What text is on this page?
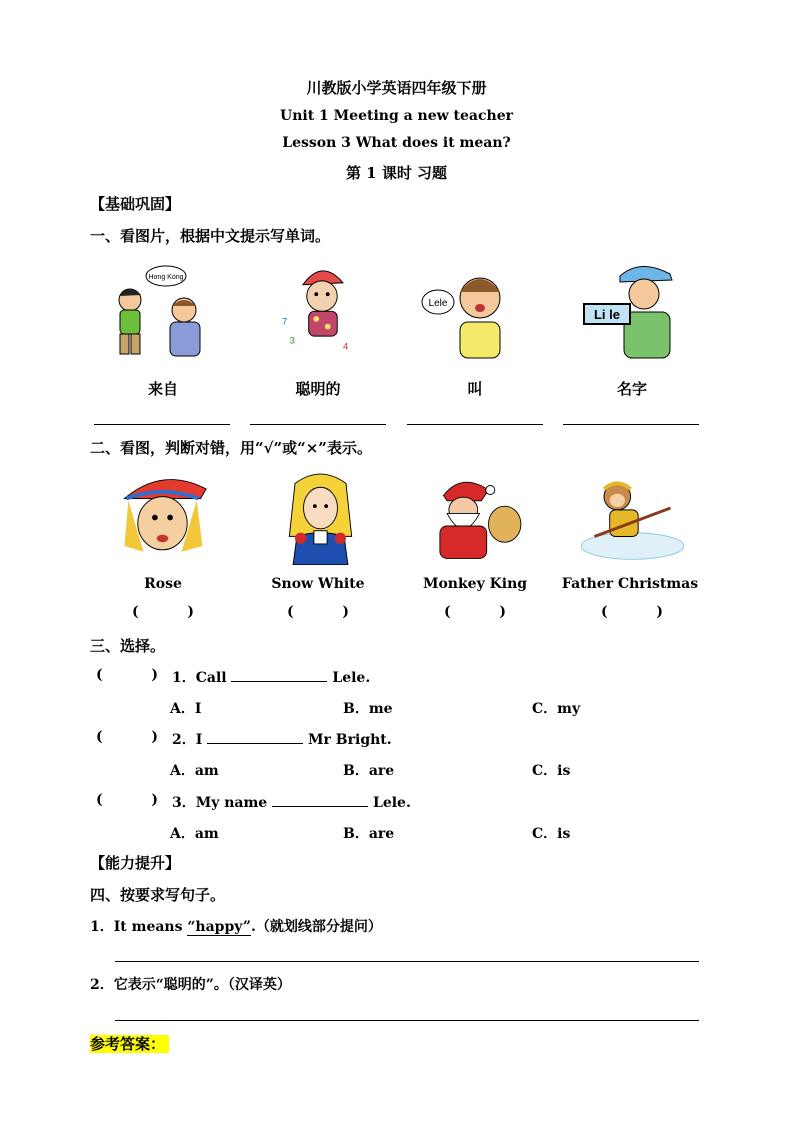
川教版小学英语四年级下册
Unit 1 Meeting a new teacher
Lesson 3 What does it mean?
第 1 课时 习题
【基础巩固】
一、看图片，根据中文提示写单词。
Hong Kong
7
3
4
Lele
Li le
来自	聪明的	叫	名字
二、看图，判断对错，用“√”或“×”表示。
Rose	Snow White	Monkey King	Father Christmas
(          )	(          )	(          )	(          )
三、选择。
(          ) 1．Call	Lele.
A．I	B．me	C．my
(          ) 2．I	Mr Bright.
A．am	B．are	C．is
(          ) 3．My name	Lele.
A．am	B．are	C．is
【能力提升】
四、按要求写句子。
1．It means “happy”.（就划线部分提问）
2．它表示“聪明的”。（汉译英）
参考答案：
